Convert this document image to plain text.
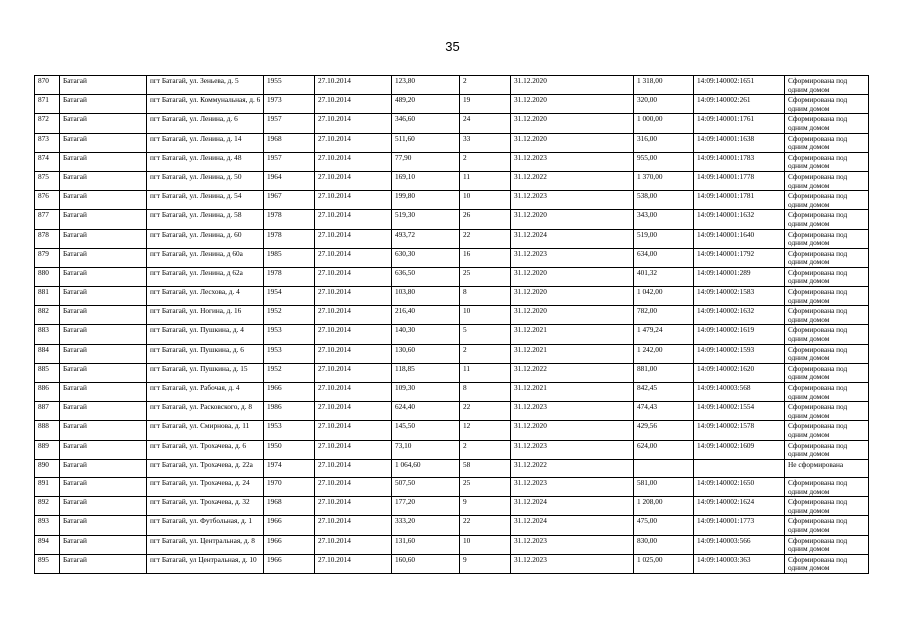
35
870	Батагай	пгт Батагай, ул. Зеньева, д. 5	1955	27.10.2014	123,80	2	31.12.2020	1 318,00	14:09:140002:1651	Сформирована под одним домом
871	Батагай	пгт Батагай, ул. Коммунальная, д. 6	1973	27.10.2014	489,20	19	31.12.2020	320,00	14:09:140002:261	Сформирована под одним домом
872	Батагай	пгт Батагай, ул. Ленина, д. 6	1957	27.10.2014	346,60	24	31.12.2020	1 000,00	14:09:140001:1761	Сформирована под одним домом
873	Батагай	пгт Батагай, ул. Ленина, д. 14	1968	27.10.2014	511,60	33	31.12.2020	316,00	14:09:140001:1638	Сформирована под одним домом
874	Батагай	пгт Батагай, ул. Ленина, д. 48	1957	27.10.2014	77,90	2	31.12.2023	955,00	14:09:140001:1783	Сформирована под одним домом
875	Батагай	пгт Батагай, ул. Ленина, д. 50	1964	27.10.2014	169,10	11	31.12.2022	1 370,00	14:09:140001:1778	Сформирована под одним домом
876	Батагай	пгт Батагай, ул. Ленина, д. 54	1967	27.10.2014	199,80	10	31.12.2023	538,00	14:09:140001:1781	Сформирована под одним домом
877	Батагай	пгт Батагай, ул. Ленина, д. 58	1978	27.10.2014	519,30	26	31.12.2020	343,00	14:09:140001:1632	Сформирована под одним домом
878	Батагай	пгт Батагай, ул. Ленина, д. 60	1978	27.10.2014	493,72	22	31.12.2024	519,00	14:09:140001:1640	Сформирована под одним домом
879	Батагай	пгт Батагай, ул. Ленина, д 60а	1985	27.10.2014	630,30	16	31.12.2023	634,00	14:09:140001:1792	Сформирована под одним домом
880	Батагай	пгт Батагай, ул. Ленина, д 62а	1978	27.10.2014	636,50	25	31.12.2020	401,32	14:09:140001:289	Сформирована под одним домом
881	Батагай	пгт Батагай, ул. Лесхова, д. 4	1954	27.10.2014	103,80	8	31.12.2020	1 042,00	14:09:140002:1583	Сформирована под одним домом
882	Батагай	пгт Батагай, ул. Ногина, д. 16	1952	27.10.2014	216,40	10	31.12.2020	782,00	14:09:140002:1632	Сформирована под одним домом
883	Батагай	пгт Батагай, ул. Пушкина, д. 4	1953	27.10.2014	140,30	5	31.12.2021	1 479,24	14:09:140002:1619	Сформирована под одним домом
884	Батагай	пгт Батагай, ул. Пушкина, д. 6	1953	27.10.2014	130,60	2	31.12.2021	1 242,00	14:09:140002:1593	Сформирована под одним домом
885	Батагай	пгт Батагай, ул. Пушкина, д. 15	1952	27.10.2014	118,85	11	31.12.2022	881,00	14:09:140002:1620	Сформирована под одним домом
886	Батагай	пгт Батагай, ул. Рабочая, д. 4	1966	27.10.2014	109,30	8	31.12.2021	842,45	14:09:140003:568	Сформирована под одним домом
887	Батагай	пгт Батагай, ул. Расковского, д. 8	1986	27.10.2014	624,40	22	31.12.2023	474,43	14:09:140002:1554	Сформирована под одним домом
888	Батагай	пгт Батагай, ул. Смирнова, д. 11	1953	27.10.2014	145,50	12	31.12.2020	429,56	14:09:140002:1578	Сформирована под одним домом
889	Батагай	пгт Батагай, ул. Трохачева, д. 6	1950	27.10.2014	73,10	2	31.12.2023	624,00	14:09:140002:1609	Сформирована под одним домом
890	Батагай	пгт Батагай, ул. Трохачева, д. 22а	1974	27.10.2014	1 064,60	58	31.12.2022			Не сформирована
891	Батагай	пгт Батагай, ул. Трохачева, д. 24	1970	27.10.2014	507,50	25	31.12.2023	581,00	14:09:140002:1650	Сформирована под одним домом
892	Батагай	пгт Батагай, ул. Трохачева, д. 32	1968	27.10.2014	177,20	9	31.12.2024	1 208,00	14:09:140002:1624	Сформирована под одним домом
893	Батагай	пгт Батагай, ул. Футбольная, д. 1	1966	27.10.2014	333,20	22	31.12.2024	475,00	14:09:140001:1773	Сформирована под одним домом
894	Батагай	пгт Батагай, ул. Центральная, д. 8	1966	27.10.2014	131,60	10	31.12.2023	830,00	14:09:140003:566	Сформирована под одним домом
895	Батагай	пгт Батагай, ул Центральная, д. 10	1966	27.10.2014	160,60	9	31.12.2023	1 025,00	14:09:140003:363	Сформирована под одним домом
